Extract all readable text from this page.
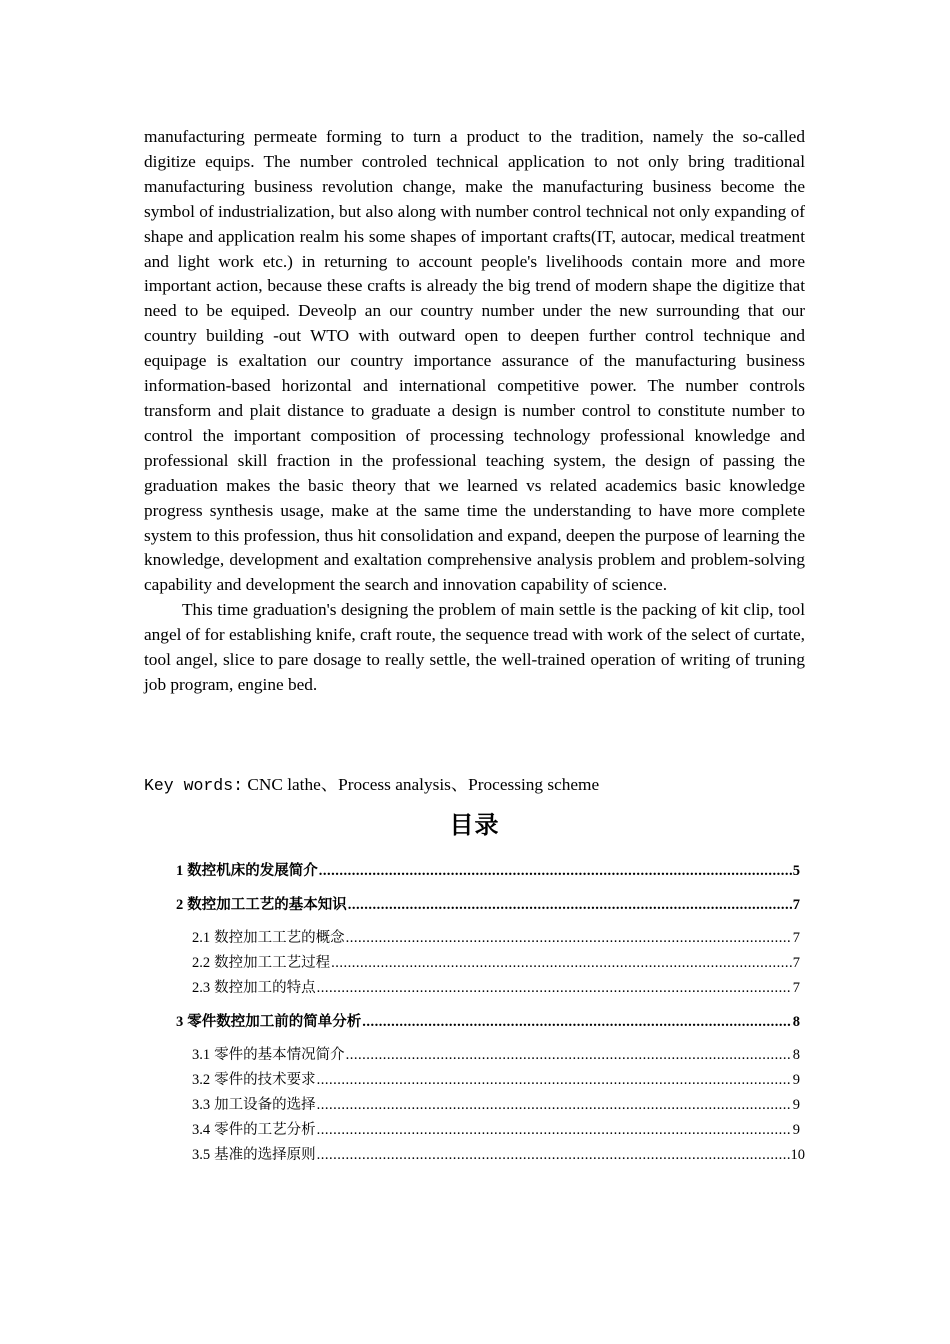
manufacturing permeate forming to turn a product to the tradition, namely the so-called digitize equips. The number controled technical application to not only bring traditional manufacturing business revolution change, make the manufacturing business become the symbol of industrialization, but also along with number control technical not only expanding of shape and application realm his some shapes of important crafts(IT, autocar, medical treatment and light work etc.) in returning to account people's livelihoods contain more and more important action, because these crafts is already the big trend of modern shape the digitize that need to be equiped. Deveolp an our country number under the new surrounding that our country building -out WTO with outward open to deepen further control technique and equipage is exaltation our country importance assurance of the manufacturing business information-based horizontal and international competitive power. The number controls transform and plait distance to graduate a design is number control to constitute number to control the important composition of processing technology professional knowledge and professional skill fraction in the professional teaching system, the design of passing the graduation makes the basic theory that we learned vs related academics basic knowledge progress synthesis usage, make at the same time the understanding to have more complete system to this profession, thus hit consolidation and expand, deepen the purpose of learning the knowledge, development and exaltation comprehensive analysis problem and problem-solving capability and development the search and innovation capability of science.

This time graduation's designing the problem of main settle is the packing of kit clip, tool angel of for establishing knife, craft route, the sequence tread with work of the select of curtate, tool angel, slice to pare dosage to really settle, the well-trained operation of writing of truning job program, engine bed.

Key words: CNC lathe、Process analysis、Processing scheme
目录
1 数控机床的发展简介 .....	5
2 数控加工工艺的基本知识 .....	7
2.1 数控加工工艺的概念 .....	7
2.2 数控加工工艺过程 .....	7
2.3 数控加工的特点 .....	7
3 零件数控加工前的简单分析 .....	8
3.1 零件的基本情况简介 .....	8
3.2 零件的技术要求 .....	9
3.3 加工设备的选择 .....	9
3.4 零件的工艺分析 .....	9
3.5 基准的选择原则 .....	10
